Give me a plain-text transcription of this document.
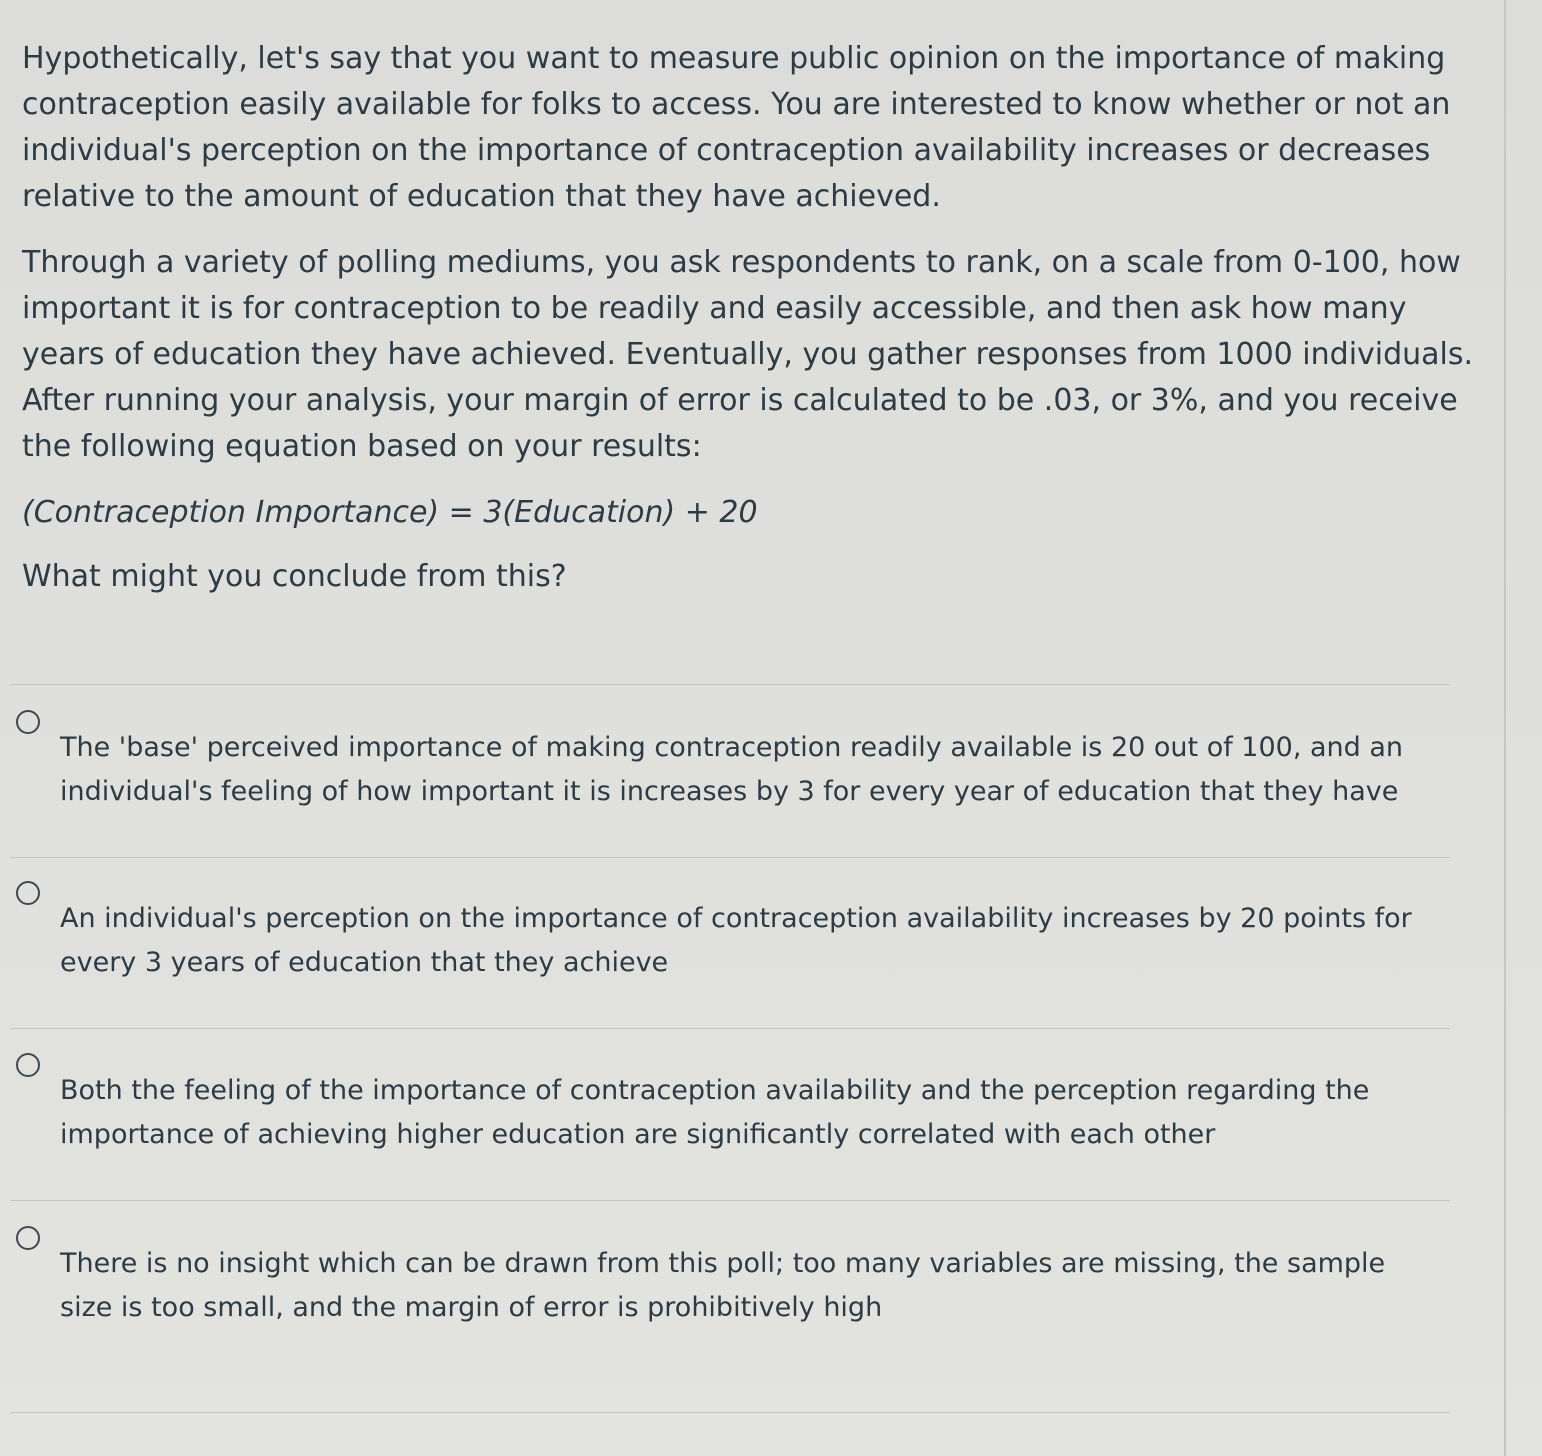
Hypothetically, let's say that you want to measure public opinion on the importance of making contraception easily available for folks to access. You are interested to know whether or not an individual's perception on the importance of contraception availability increases or decreases relative to the amount of education that they have achieved.

Through a variety of polling mediums, you ask respondents to rank, on a scale from 0-100, how important it is for contraception to be readily and easily accessible, and then ask how many years of education they have achieved. Eventually, you gather responses from 1000 individuals. After running your analysis, your margin of error is calculated to be .03, or 3%, and you receive the following equation based on your results:

(Contraception Importance) = 3(Education) + 20

What might you conclude from this?

The 'base' perceived importance of making contraception readily available is 20 out of 100, and an individual's feeling of how important it is increases by 3 for every year of education that they have
An individual's perception on the importance of contraception availability increases by 20 points for every 3 years of education that they achieve
Both the feeling of the importance of contraception availability and the perception regarding the importance of achieving higher education are significantly correlated with each other
There is no insight which can be drawn from this poll; too many variables are missing, the sample size is too small, and the margin of error is prohibitively high
